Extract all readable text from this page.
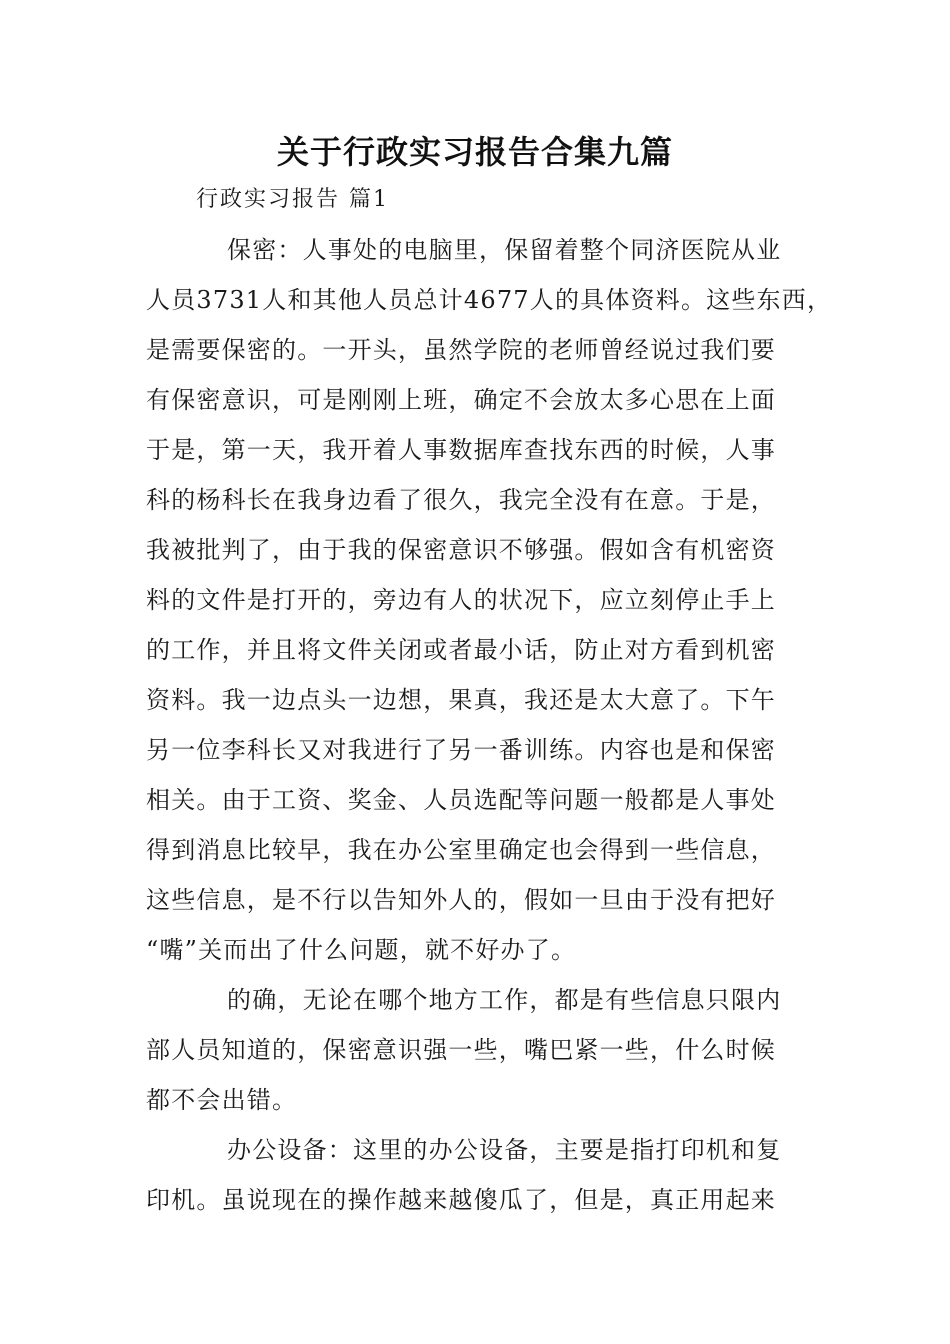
关于行政实习报告合集九篇
行政实习报告 篇1
保密：人事处的电脑里，保留着整个同济医院从业
人员3731人和其他人员总计4677人的具体资料。这些东西，
是需要保密的。一开头，虽然学院的老师曾经说过我们要
有保密意识，可是刚刚上班，确定不会放太多心思在上面
于是，第一天，我开着人事数据库查找东西的时候，人事
科的杨科长在我身边看了很久，我完全没有在意。于是，
我被批判了，由于我的保密意识不够强。假如含有机密资
料的文件是打开的，旁边有人的状况下，应立刻停止手上
的工作，并且将文件关闭或者最小话，防止对方看到机密
资料。我一边点头一边想，果真，我还是太大意了。下午
另一位李科长又对我进行了另一番训练。内容也是和保密
相关。由于工资、奖金、人员选配等问题一般都是人事处
得到消息比较早，我在办公室里确定也会得到一些信息，
这些信息，是不行以告知外人的，假如一旦由于没有把好
“嘴”关而出了什么问题，就不好办了。
的确，无论在哪个地方工作，都是有些信息只限内
部人员知道的，保密意识强一些，嘴巴紧一些，什么时候
都不会出错。
办公设备：这里的办公设备，主要是指打印机和复
印机。虽说现在的操作越来越傻瓜了，但是，真正用起来
